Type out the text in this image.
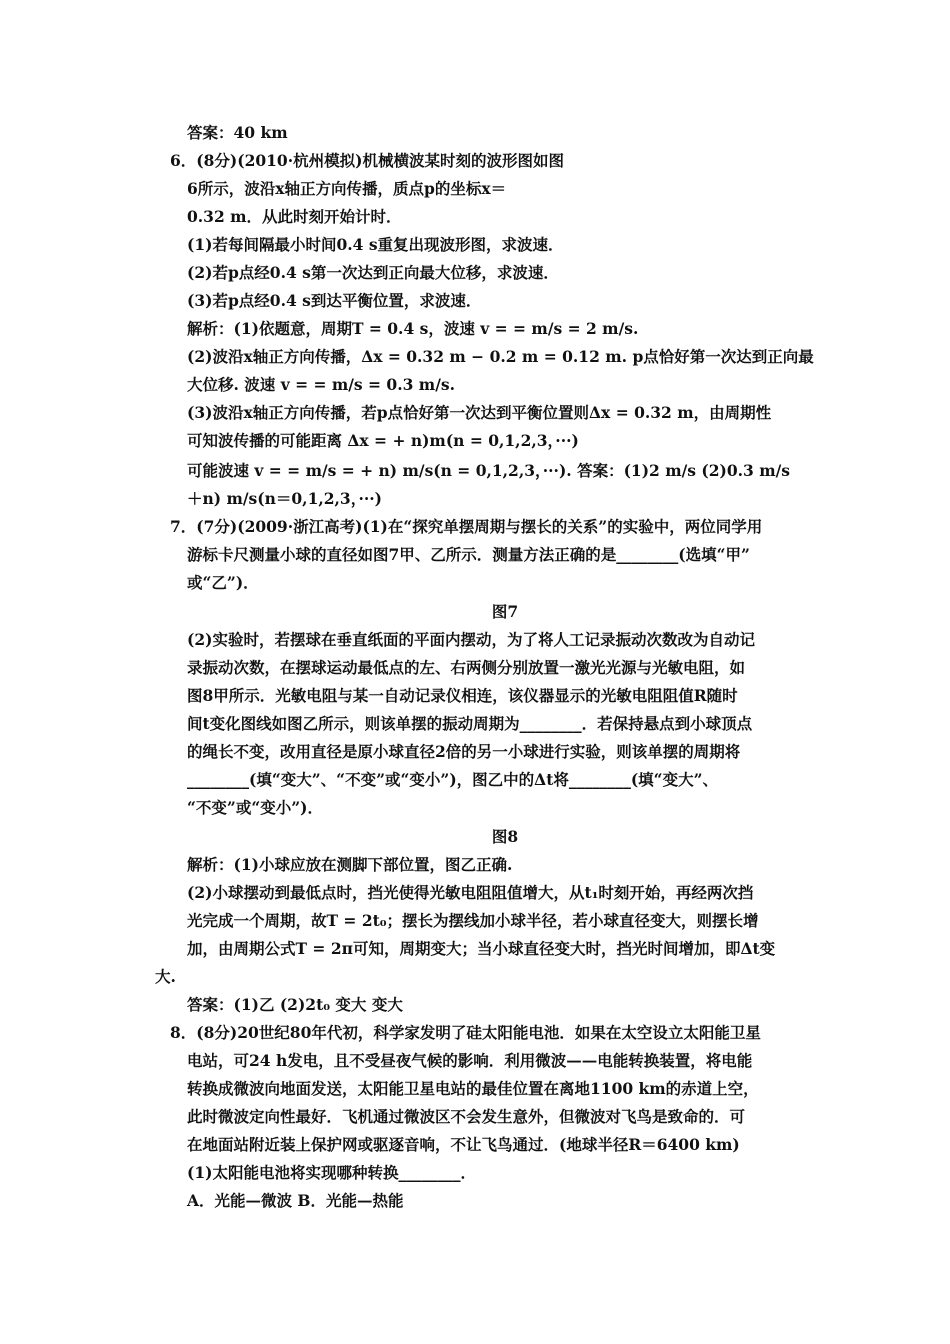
答案：40 km
6．(8分)(2010·杭州模拟)机械横波某时刻的波形图如图
6所示，波沿x轴正方向传播，质点p的坐标x＝
0.32 m．从此时刻开始计时．
(1)若每间隔最小时间0.4 s重复出现波形图，求波速．
(2)若p点经0.4 s第一次达到正向最大位移，求波速．
(3)若p点经0.4 s到达平衡位置，求波速．
解析：(1)依题意，周期T = 0.4 s，波速 v = = m/s = 2 m/s.
(2)波沿x轴正方向传播，Δx = 0.32 m − 0.2 m = 0.12 m. p点恰好第一次达到正向最
大位移. 波速 v = = m/s = 0.3 m/s.
(3)波沿x轴正方向传播，若p点恰好第一次达到平衡位置则Δx = 0.32 m，由周期性
可知波传播的可能距离 Δx = + n)m(n = 0,1,2,3，···)
可能波速 v = = m/s = + n) m/s(n = 0,1,2,3，···). 答案：(1)2 m/s (2)0.3 m/s
＋n) m/s(n＝0,1,2,3，···)
7．(7分)(2009·浙江高考)(1)在“探究单摆周期与摆长的关系”的实验中，两位同学用
游标卡尺测量小球的直径如图7甲、乙所示．测量方法正确的是________(选填“甲”
或“乙”)．
图7
(2)实验时，若摆球在垂直纸面的平面内摆动，为了将人工记录振动次数改为自动记
录振动次数，在摆球运动最低点的左、右两侧分别放置一激光光源与光敏电阻，如
图8甲所示．光敏电阻与某一自动记录仪相连，该仪器显示的光敏电阻阻值R随时
间t变化图线如图乙所示，则该单摆的振动周期为________．若保持悬点到小球顶点
的绳长不变，改用直径是原小球直径2倍的另一小球进行实验，则该单摆的周期将
________(填“变大”、“不变”或“变小”)，图乙中的Δt将________(填“变大”、
“不变”或“变小”)．
图8
解析：(1)小球应放在测脚下部位置，图乙正确.
(2)小球摆动到最低点时，挡光使得光敏电阻阻值增大，从t₁时刻开始，再经两次挡
光完成一个周期，故T = 2t₀；摆长为摆线加小球半径，若小球直径变大，则摆长增
加，由周期公式T = 2π可知，周期变大；当小球直径变大时，挡光时间增加，即Δt变
大.
答案：(1)乙 (2)2t₀ 变大 变大
8．(8分)20世纪80年代初，科学家发明了硅太阳能电池．如果在太空设立太阳能卫星
电站，可24 h发电，且不受昼夜气候的影响．利用微波——电能转换装置，将电能
转换成微波向地面发送，太阳能卫星电站的最佳位置在离地1100 km的赤道上空，
此时微波定向性最好．飞机通过微波区不会发生意外，但微波对飞鸟是致命的．可
在地面站附近装上保护网或驱逐音响，不让飞鸟通过．(地球半径R＝6400 km)
(1)太阳能电池将实现哪种转换________．
A．光能—微波 B．光能—热能
